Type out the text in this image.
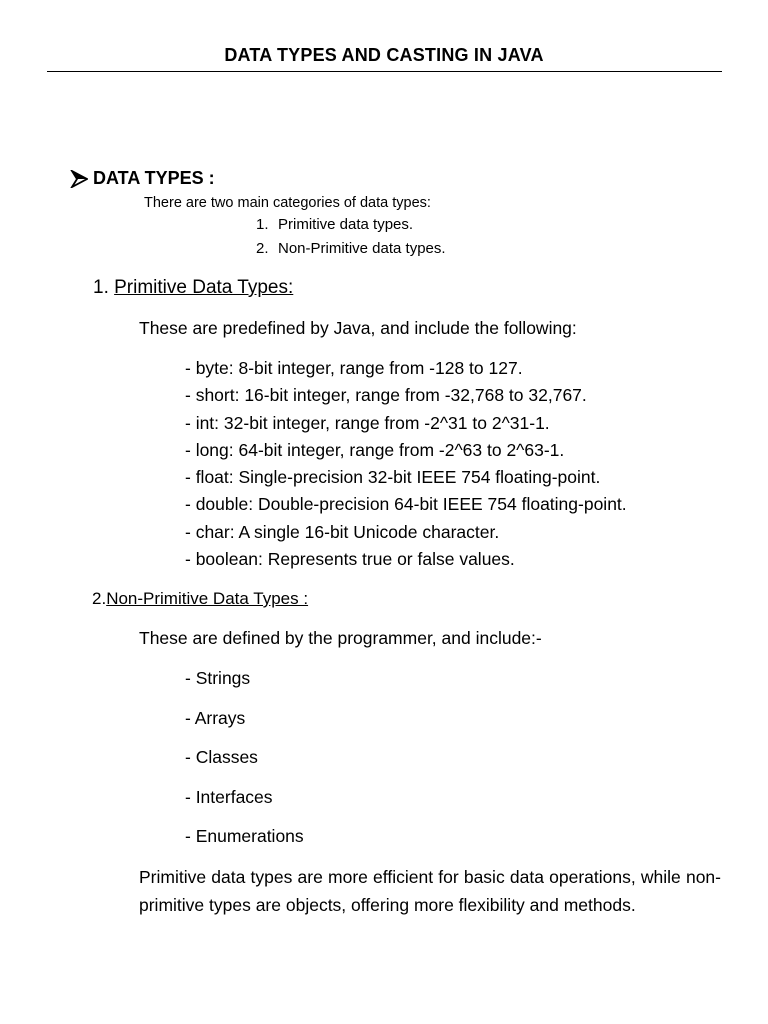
DATA TYPES AND CASTING IN JAVA
DATA TYPES :
There are two main categories of data types:
1. Primitive data types.
2. Non-Primitive data types.
1. Primitive Data Types:
These are predefined by Java, and include the following:
- byte: 8-bit integer, range from -128 to 127.
- short: 16-bit integer, range from -32,768 to 32,767.
- int: 32-bit integer, range from -2^31 to 2^31-1.
- long: 64-bit integer, range from -2^63 to 2^63-1.
- float: Single-precision 32-bit IEEE 754 floating-point.
- double: Double-precision 64-bit IEEE 754 floating-point.
- char: A single 16-bit Unicode character.
- boolean: Represents true or false values.
2.Non-Primitive Data Types :
These are defined by the programmer, and include:-
- Strings
- Arrays
- Classes
- Interfaces
- Enumerations
Primitive data types are more efficient for basic data operations, while non-primitive types are objects, offering more flexibility and methods.
